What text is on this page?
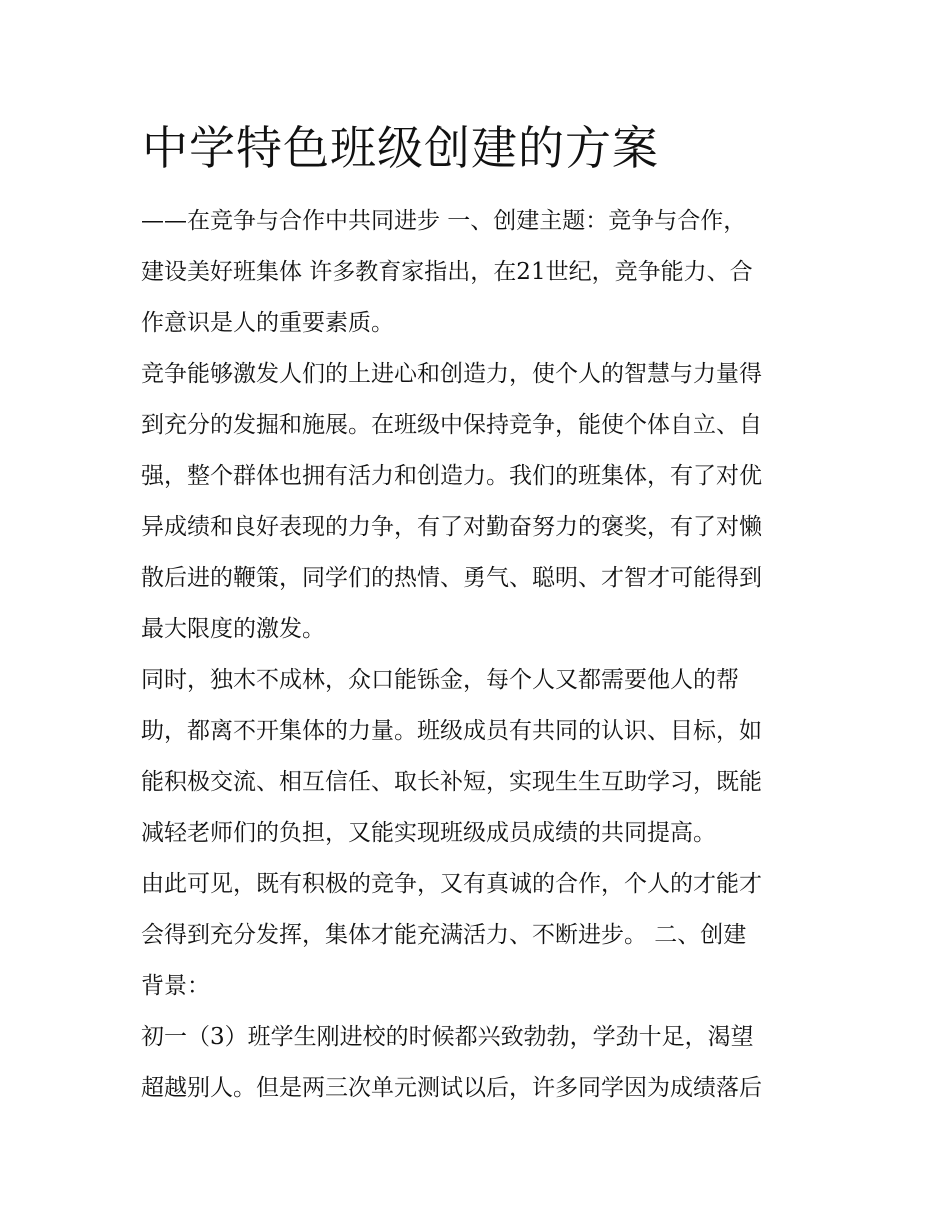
中学特色班级创建的方案

——在竞争与合作中共同进步 一、创建主题：竞争与合作，
建设美好班集体 许多教育家指出，在21世纪，竞争能力、合
作意识是人的重要素质。

竞争能够激发人们的上进心和创造力，使个人的智慧与力量得
到充分的发掘和施展。在班级中保持竞争，能使个体自立、自
强，整个群体也拥有活力和创造力。我们的班集体，有了对优
异成绩和良好表现的力争，有了对勤奋努力的褒奖，有了对懒
散后进的鞭策，同学们的热情、勇气、聪明、才智才可能得到
最大限度的激发。

同时，独木不成林，众口能铄金，每个人又都需要他人的帮
助，都离不开集体的力量。班级成员有共同的认识、目标，如
能积极交流、相互信任、取长补短，实现生生互助学习，既能
减轻老师们的负担，又能实现班级成员成绩的共同提高。

由此可见，既有积极的竞争，又有真诚的合作，个人的才能才
会得到充分发挥，集体才能充满活力、不断进步。 二、创建
背景：

初一（3）班学生刚进校的时候都兴致勃勃，学劲十足，渴望
超越别人。但是两三次单元测试以后，许多同学因为成绩落后
